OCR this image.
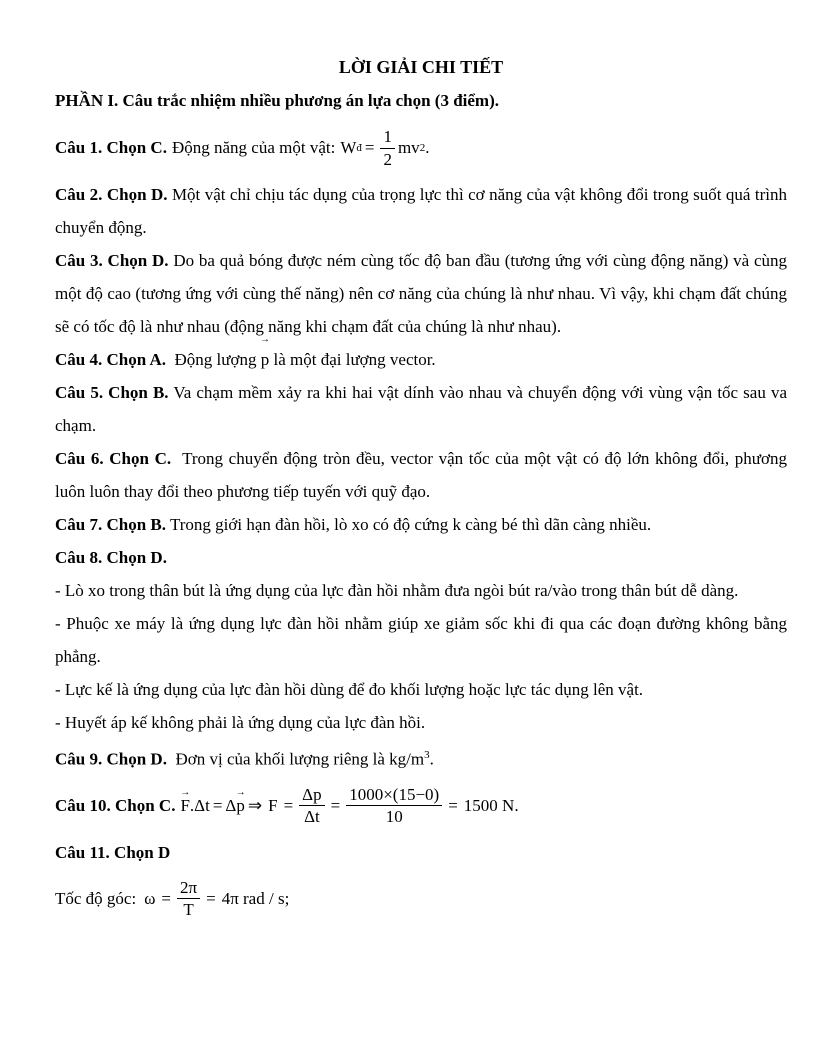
LỜI GIẢI CHI TIẾT

PHẦN I. Câu trắc nhiệm nhiều phương án lựa chọn (3 điểm).

Câu 1. Chọn C. Động năng của một vật: W đ = $\frac{1}{2}$ mv 2 .

Câu 2. Chọn D. Một vật chỉ chịu tác dụng của trọng lực thì cơ năng của vật không đổi trong suốt quá trình chuyển động.

Câu 3. Chọn D. Do ba quả bóng được ném cùng tốc độ ban đầu (tương ứng với cùng động năng) và cùng một độ cao (tương ứng với cùng thế năng) nên cơ năng của chúng là như nhau. Vì vậy, khi chạm đất chúng sẽ có tốc độ là như nhau (động năng khi chạm đất của chúng là như nhau).

Câu 4. Chọn A. Động lượng p → là một đại lượng vector.

Câu 5. Chọn B. Va chạm mềm xảy ra khi hai vật dính vào nhau và chuyển động với vùng vận tốc sau va chạm.

Câu 6. Chọn C. Trong chuyển động tròn đều, vector vận tốc của một vật có độ lớn không đổi, phương luôn luôn thay đổi theo phương tiếp tuyến với quỹ đạo.

Câu 7. Chọn B. Trong giới hạn đàn hồi, lò xo có độ cứng k càng bé thì dãn càng nhiều.

Câu 8. Chọn D.

- Lò xo trong thân bút là ứng dụng của lực đàn hồi nhằm đưa ngòi bút ra/vào trong thân bút dễ dàng.

- Phuộc xe máy là ứng dụng lực đàn hồi nhằm giúp xe giảm sốc khi đi qua các đoạn đường không bằng phẳng.

- Lực kế là ứng dụng của lực đàn hồi dùng để đo khối lượng hoặc lực tác dụng lên vật.

- Huyết áp kế không phải là ứng dụng của lực đàn hồi.

Câu 9. Chọn D. Đơn vị của khối lượng riêng là $kg/m^3$.

Câu 10. Chọn C. F → .Δt = Δ p → ⇒ $F = \frac{\Delta p}{\Delta t} = \frac{1000\times(15-0)}{10} = 1500$ N.

Câu 11. Chọn D

Tốc độ góc: $\omega = \frac{2\pi}{T} = 4\pi$ rad / s;
